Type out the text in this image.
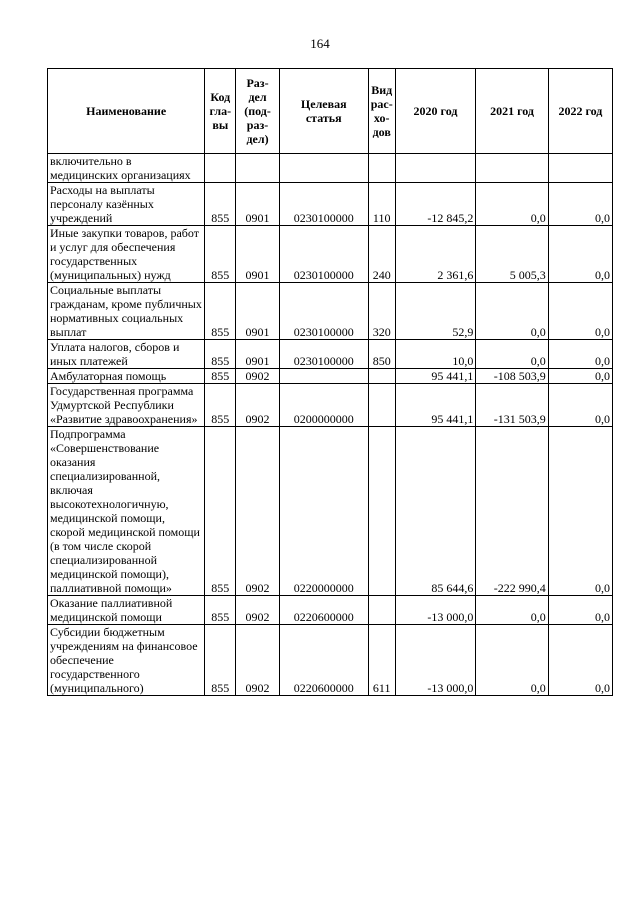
164
Наименование	Код гла- вы	Раз- дел (под- раз- дел)	Целевая статья	Вид рас- хо- дов	2020 год	2021 год	2022 год
включительно в медицинских организациях							
Расходы на выплаты персоналу казённых учреждений	855	0901	0230100000	110	-12 845,2	0,0	0,0
Иные закупки товаров, работ и услуг для обеспечения государственных (муниципальных) нужд	855	0901	0230100000	240	2 361,6	5 005,3	0,0
Социальные выплаты гражданам, кроме публичных нормативных социальных выплат	855	0901	0230100000	320	52,9	0,0	0,0
Уплата налогов, сборов и иных платежей	855	0901	0230100000	850	10,0	0,0	0,0
Амбулаторная помощь	855	0902			95 441,1	-108 503,9	0,0
Государственная программа Удмуртской Республики «Развитие здравоохранения»	855	0902	0200000000		95 441,1	-131 503,9	0,0
Подпрограмма «Совершенствование оказания специализированной, включая высокотехнологичную, медицинской помощи, скорой медицинской помощи (в том числе скорой специализированной медицинской помощи), паллиативной помощи»	855	0902	0220000000		85 644,6	-222 990,4	0,0
Оказание паллиативной медицинской помощи	855	0902	0220600000		-13 000,0	0,0	0,0
Субсидии бюджетным учреждениям на финансовое обеспечение государственного (муниципального)	855	0902	0220600000	611	-13 000,0	0,0	0,0
